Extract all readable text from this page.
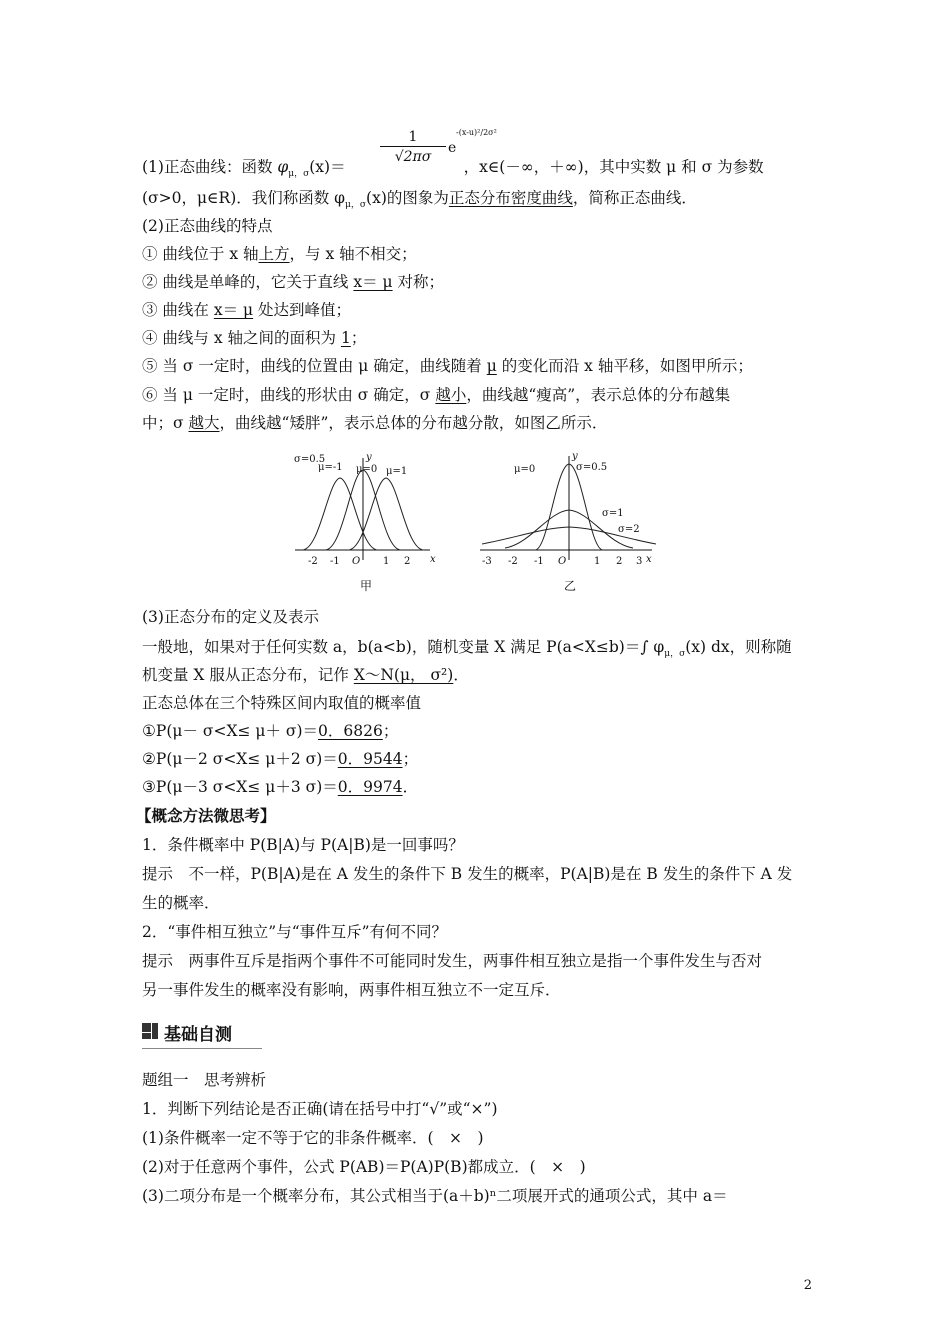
$\frac{1}{√2\pi\sigma}$ e
-(x-u)²/2σ²
(1)正态曲线：函数 $\varphi_{\mu,\sigma}(x)=$	，x∈(－∞，＋∞)，其中实数 μ 和 σ 为参数
(σ>0，μ∈R)．我们称函数 $\varphi_{\mu,\sigma}(x)$的图象为正态分布密度曲线，简称正态曲线．
(2)正态曲线的特点
① 曲线位于 x 轴上方，与 x 轴不相交；
② 曲线是单峰的，它关于直线 x＝ μ 对称；
③ 曲线在 x＝ μ 处达到峰值；
④ 曲线与 x 轴之间的面积为 1；
⑤ 当 σ 一定时，曲线的位置由 μ 确定，曲线随着 μ 的变化而沿 x 轴平移，如图甲所示；
⑥ 当 μ 一定时，曲线的形状由 σ 确定，σ 越小，曲线越“瘦高”，表示总体的分布越集
中；σ 越大，曲线越“矮胖”，表示总体的分布越分散，如图乙所示．
σ=0.5
μ=-1 μ=0 μ=1
y
x
-2 -1 O 1 2
甲
μ=0	σ=0.5
σ=1
σ=2
y
x
-3 -2 -1 O	1 2 3
乙
(3)正态分布的定义及表示
一般地，如果对于任何实数 a，b(a<b)，随机变量 X 满足 P(a<X≤b)＝∫ $\varphi_{\mu,\sigma}(x)$ dx，则称随
机变量 X 服从正态分布，记作 X～N(μ， σ²)．
正态总体在三个特殊区间内取值的概率值
①P(μ－ σ<X≤ μ＋ σ)＝0．6826；
②P(μ－2 σ<X≤ μ＋2 σ)＝0．9544；
③P(μ－3 σ<X≤ μ＋3 σ)＝0．9974．
【概念方法微思考】
1．条件概率中 P(B|A)与 P(A|B)是一回事吗？
提示　不一样，P(B|A)是在 A 发生的条件下 B 发生的概率，P(A|B)是在 B 发生的条件下 A 发
生的概率．
2．“事件相互独立”与“事件互斥”有何不同？
提示　两事件互斥是指两个事件不可能同时发生，两事件相互独立是指一个事件发生与否对
另一事件发生的概率没有影响，两事件相互独立不一定互斥．
基础自测
题组一　思考辨析
1．判断下列结论是否正确(请在括号中打“√”或“×”)
(1)条件概率一定不等于它的非条件概率．(　×　)
(2)对于任意两个事件，公式 P(AB)＝P(A)P(B)都成立．(　×　)
(3)二项分布是一个概率分布，其公式相当于(a＋b)ⁿ二项展开式的通项公式，其中 a＝
2
